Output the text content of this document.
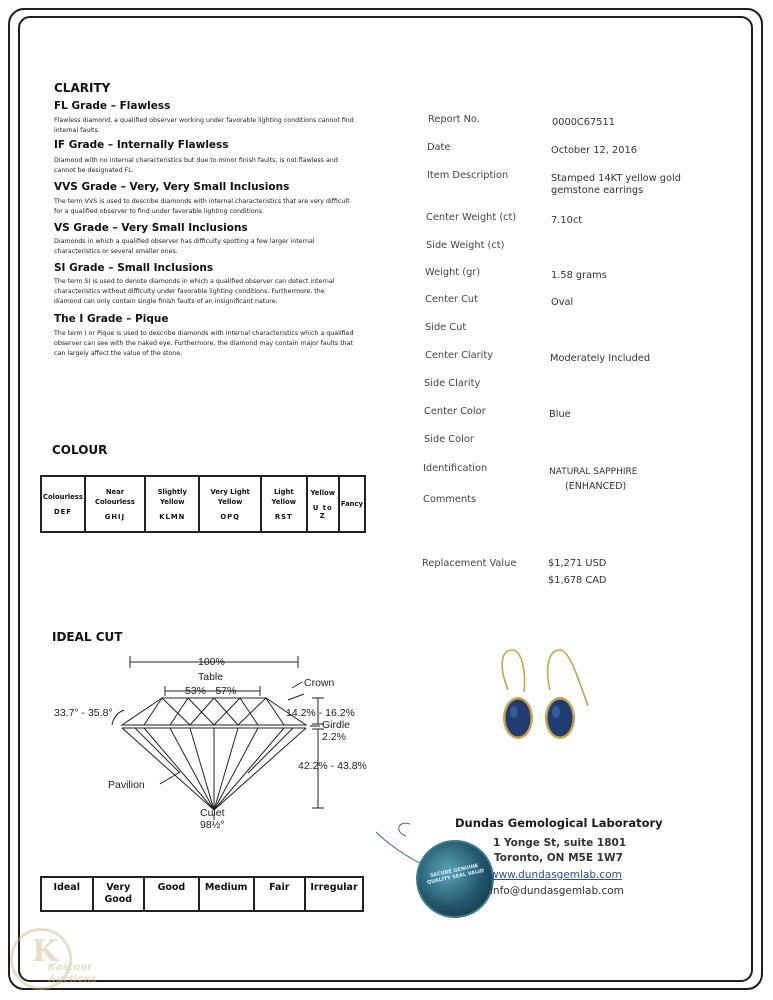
CLARITY

FL Grade – Flawless

Flawless diamond, a qualified observer working under favorable lighting conditions cannot find internal faults.

IF Grade – Internally Flawless

Diamond with no internal characteristics but due to minor finish faults, is not flawless and cannot be designated FL.

VVS Grade – Very, Very Small Inclusions

The term VVS is used to describe diamonds with internal characteristics that are very difficult for a qualified observer to find under favorable lighting conditions.

VS Grade – Very Small Inclusions

Diamonds in which a qualified observer has difficulty spotting a few larger internal characteristics or several smaller ones.

SI Grade – Small Inclusions

The term SI is used to denote diamonds in which a qualified observer can detect internal characteristics without difficulty under favorable lighting conditions. Furthermore, the diamond can only contain single finish faults of an insignificant nature.

The I Grade – Pique

The term I or Pique is used to describe diamonds with internal characteristics which a qualified observer can see with the naked eye. Furthermore, the diamond may contain major faults that can largely affect the value of the stone.

COLOUR
Colourless
DEF

Near Colourless
GHIJ

Slightly Yellow
KLMN

Very Light Yellow
OPQ

Light Yellow
RST

Yellow
U to Z

Fancy
IDEAL CUT
100%
Table
53% - 57%
Crown
33.7° - 35.8°	14.2% - 16.2%
Girdle
2.2%
42.2% - 43.8%
Pavilion
Culet
98½°
Ideal	Very Good	Good	Medium	Fair	Irregular
Report No.	0000C67511
Date	October 12, 2016
Item Description	Stamped 14KT yellow gold gemstone earrings
Center Weight (ct)	7.10ct
Side Weight (ct)
Weight (gr)	1.58 grams
Center Cut	Oval
Side Cut
Center Clarity	Moderately Included
Side Clarity
Center Color	Blue
Side Color
Identification	NATURAL SAPPHIRE
(ENHANCED)
Comments
Replacement Value	$1,271 USD
$1,678 CAD
SECURE GENUINE QUALITY SEAL VALID
Dundas Gemological Laboratory
1 Yonge St, suite 1801
Toronto, ON M5E 1W7
www.dundasgemlab.com
info@dundasgemlab.com
K
Kastner
Auctions
